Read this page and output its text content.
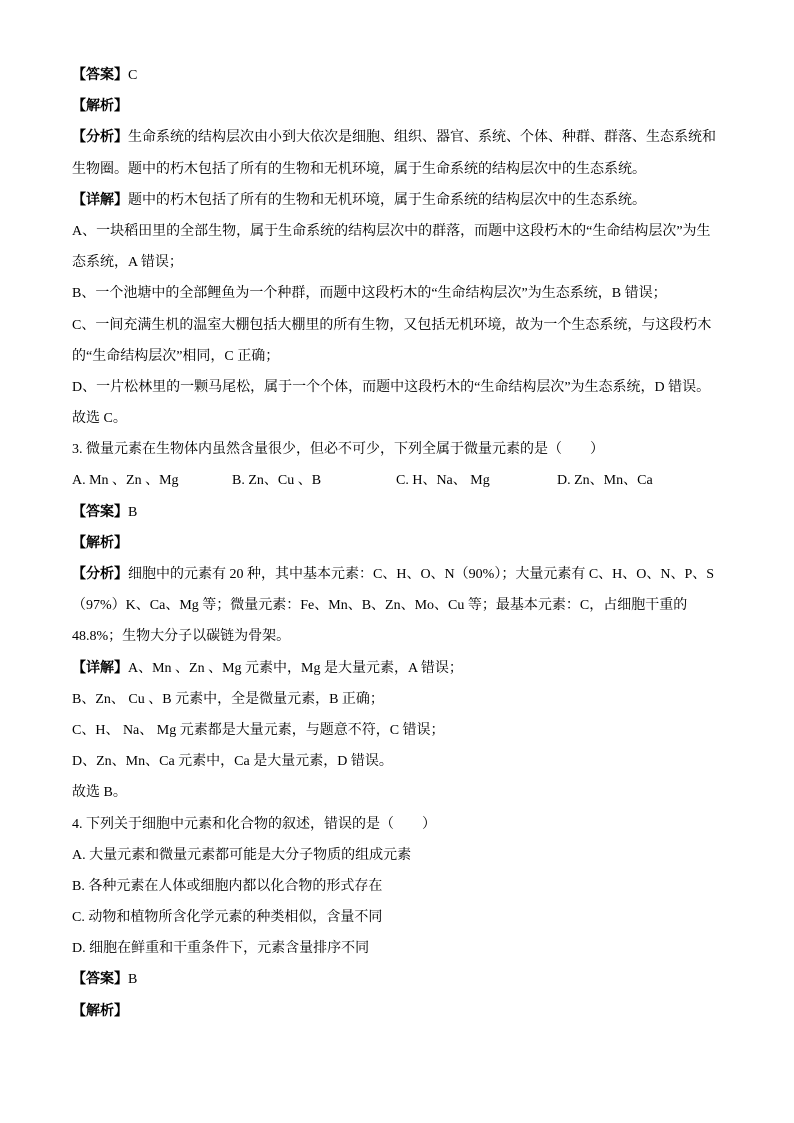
【答案】C
【解析】
【分析】生命系统的结构层次由小到大依次是细胞、组织、器官、系统、个体、种群、群落、生态系统和
生物圈。题中的朽木包括了所有的生物和无机环境，属于生命系统的结构层次中的生态系统。
【详解】题中的朽木包括了所有的生物和无机环境，属于生命系统的结构层次中的生态系统。
A、一块稻田里的全部生物，属于生命系统的结构层次中的群落，而题中这段朽木的“生命结构层次”为生
态系统，A 错误；
B、一个池塘中的全部鲤鱼为一个种群，而题中这段朽木的“生命结构层次”为生态系统，B 错误；
C、一间充满生机的温室大棚包括大棚里的所有生物，又包括无机环境，故为一个生态系统，与这段朽木
的“生命结构层次”相同，C 正确；
D、一片松林里的一颗马尾松，属于一个个体，而题中这段朽木的“生命结构层次”为生态系统，D 错误。
故选 C。
3. 微量元素在生物体内虽然含量很少，但必不可少，下列全属于微量元素的是（　　）
A. Mn 、Zn 、Mg	B. Zn、Cu 、B	C. H、Na、 Mg	D. Zn、Mn、Ca
【答案】B
【解析】
【分析】细胞中的元素有 20 种，其中基本元素：C、H、O、N（90%）；大量元素有 C、H、O、N、P、S
（97%）K、Ca、Mg 等；微量元素：Fe、Mn、B、Zn、Mo、Cu 等；最基本元素：C，占细胞干重的
48.8%；生物大分子以碳链为骨架。
【详解】A、Mn 、Zn 、Mg 元素中，Mg 是大量元素，A 错误；
B、Zn、 Cu 、B 元素中，全是微量元素，B 正确；
C、H、 Na、 Mg 元素都是大量元素，与题意不符，C 错误；
D、Zn、Mn、Ca 元素中，Ca 是大量元素，D 错误。
故选 B。
4. 下列关于细胞中元素和化合物的叙述，错误的是（　　）
A. 大量元素和微量元素都可能是大分子物质的组成元素
B. 各种元素在人体或细胞内都以化合物的形式存在
C. 动物和植物所含化学元素的种类相似，含量不同
D. 细胞在鲜重和干重条件下，元素含量排序不同
【答案】B
【解析】
